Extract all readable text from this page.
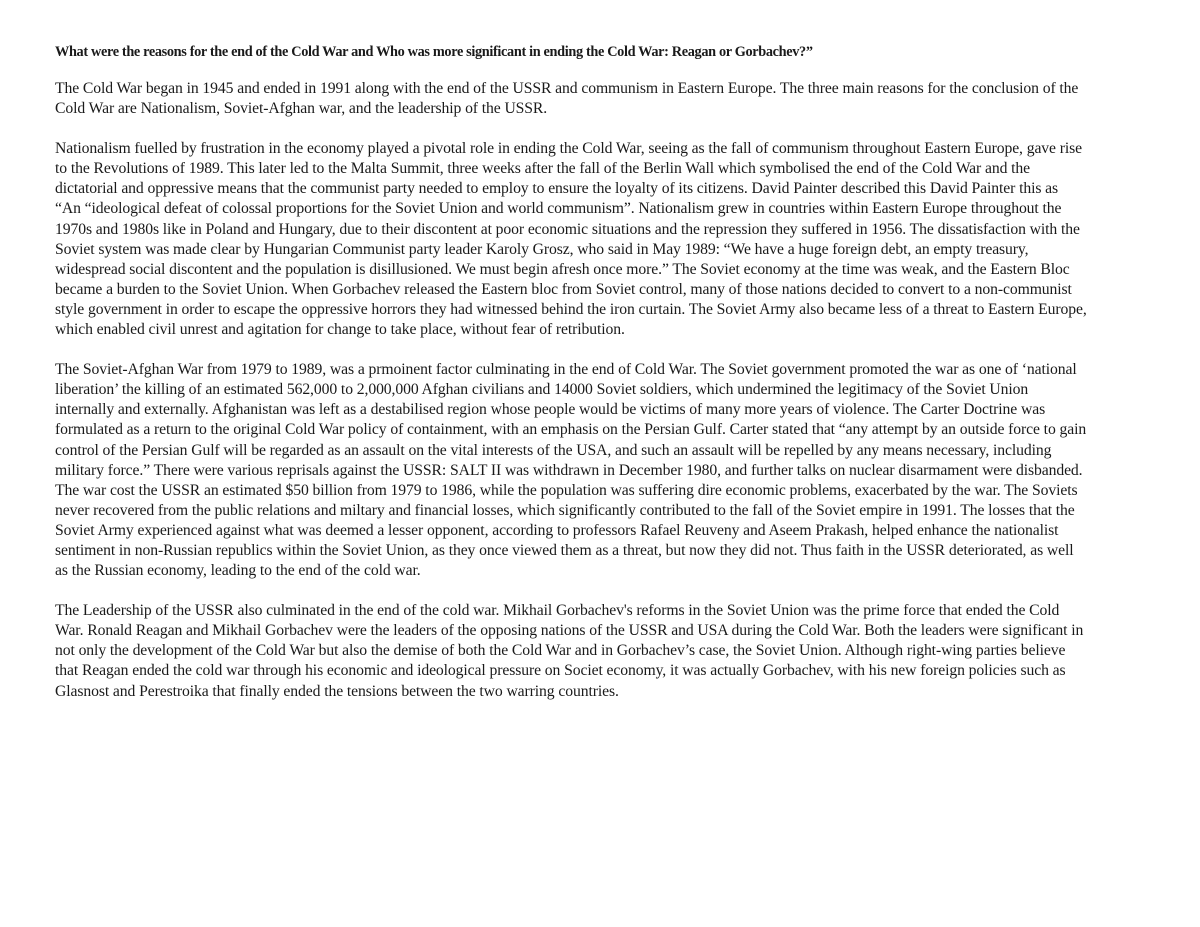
What were the reasons for the end of the Cold War and Who was more significant in ending the Cold War: Reagan or Gorbachev?”

The Cold War began in 1945 and ended in 1991 along with the end of the USSR and communism in Eastern Europe. The three main reasons for the conclusion of the Cold War are Nationalism, Soviet-Afghan war, and the leadership of the USSR.

Nationalism fuelled by frustration in the economy played a pivotal role in ending the Cold War, seeing as the fall of communism throughout Eastern Europe, gave rise to the Revolutions of 1989. This later led to the Malta Summit, three weeks after the fall of the Berlin Wall which symbolised the end of the Cold War and the dictatorial and oppressive means that the communist party needed to employ to ensure the loyalty of its citizens. David Painter described this David Painter this as “An “ideological defeat of colossal proportions for the Soviet Union and world communism”. Nationalism grew in countries within Eastern Europe throughout the 1970s and 1980s like in Poland and Hungary, due to their discontent at poor economic situations and the repression they suffered in 1956. The dissatisfaction with the Soviet system was made clear by Hungarian Communist party leader Karoly Grosz, who said in May 1989: “We have a huge foreign debt, an empty treasury, widespread social discontent and the population is disillusioned. We must begin afresh once more.” The Soviet economy at the time was weak, and the Eastern Bloc became a burden to the Soviet Union. When Gorbachev released the Eastern bloc from Soviet control, many of those nations decided to convert to a non-communist style government in order to escape the oppressive horrors they had witnessed behind the iron curtain. The Soviet Army also became less of a threat to Eastern Europe, which enabled civil unrest and agitation for change to take place, without fear of retribution.

The Soviet-Afghan War from 1979 to 1989, was a prmoinent factor culminating in the end of Cold War. The Soviet government promoted the war as one of ‘national liberation’ the killing of an estimated 562,000 to 2,000,000 Afghan civilians and 14000 Soviet soldiers, which undermined the legitimacy of the Soviet Union internally and externally. Afghanistan was left as a destabilised region whose people would be victims of many more years of violence. The Carter Doctrine was formulated as a return to the original Cold War policy of containment, with an emphasis on the Persian Gulf. Carter stated that “any attempt by an outside force to gain control of the Persian Gulf will be regarded as an assault on the vital interests of the USA, and such an assault will be repelled by any means necessary, including military force.” There were various reprisals against the USSR: SALT II was withdrawn in December 1980, and further talks on nuclear disarmament were disbanded. The war cost the USSR an estimated $50 billion from 1979 to 1986, while the population was suffering dire economic problems, exacerbated by the war. The Soviets never recovered from the public relations and miltary and financial losses, which significantly contributed to the fall of the Soviet empire in 1991. The losses that the Soviet Army experienced against what was deemed a lesser opponent, according to professors Rafael Reuveny and Aseem Prakash, helped enhance the nationalist sentiment in non-Russian republics within the Soviet Union, as they once viewed them as a threat, but now they did not. Thus faith in the USSR deteriorated, as well as the Russian economy, leading to the end of the cold war.

The Leadership of the USSR also culminated in the end of the cold war. Mikhail Gorbachev's reforms in the Soviet Union was the prime force that ended the Cold War. Ronald Reagan and Mikhail Gorbachev were the leaders of the opposing nations of the USSR and USA during the Cold War. Both the leaders were significant in not only the development of the Cold War but also the demise of both the Cold War and in Gorbachev’s case, the Soviet Union. Although right-wing parties believe that Reagan ended the cold war through his economic and ideological pressure on Societ economy, it was actually Gorbachev, with his new foreign policies such as Glasnost and Perestroika that finally ended the tensions between the two warring countries.
